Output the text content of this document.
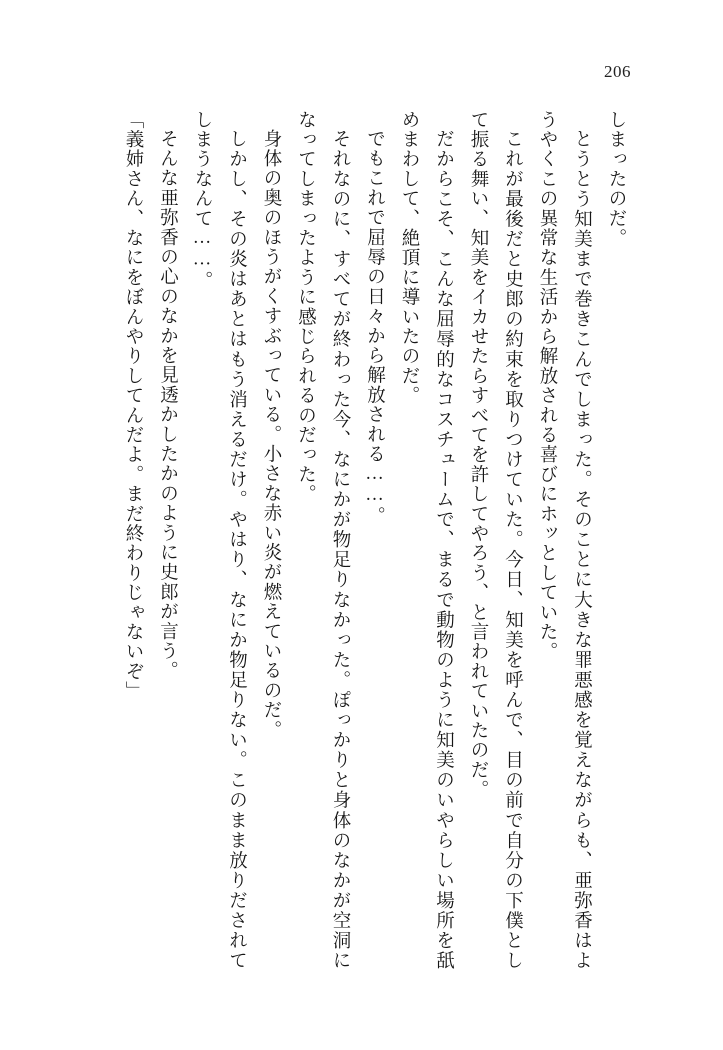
206

しまったのだ。

とうとう知美まで巻きこんでしまった。そのことに大きな罪悪感を覚えながらも、亜弥香はようやくこの異常な生活から解放される喜びにホッとしていた。

これが最後だと史郎の約束を取りつけていた。今日、知美を呼んで、目の前で自分の下僕として振る舞い、知美をイカせたらすべてを許してやろう、と言われていたのだ。

だからこそ、こんな屈辱的なコスチュームで、まるで動物のように知美のいやらしい場所を舐めまわして、絶頂に導いたのだ。

でもこれで屈辱の日々から解放される……。

それなのに、すべてが終わった今、なにかが物足りなかった。ぽっかりと身体のなかが空洞になってしまったように感じられるのだった。

身体の奥のほうがくすぶっている。小さな赤い炎が燃えているのだ。

しかし、その炎はあとはもう消えるだけ。やはり、なにか物足りない。このまま放りだされてしまうなんて……。

そんな亜弥香の心のなかを見透かしたかのように史郎が言う。

「義姉さん、なにをぼんやりしてんだよ。まだ終わりじゃないぞ」
